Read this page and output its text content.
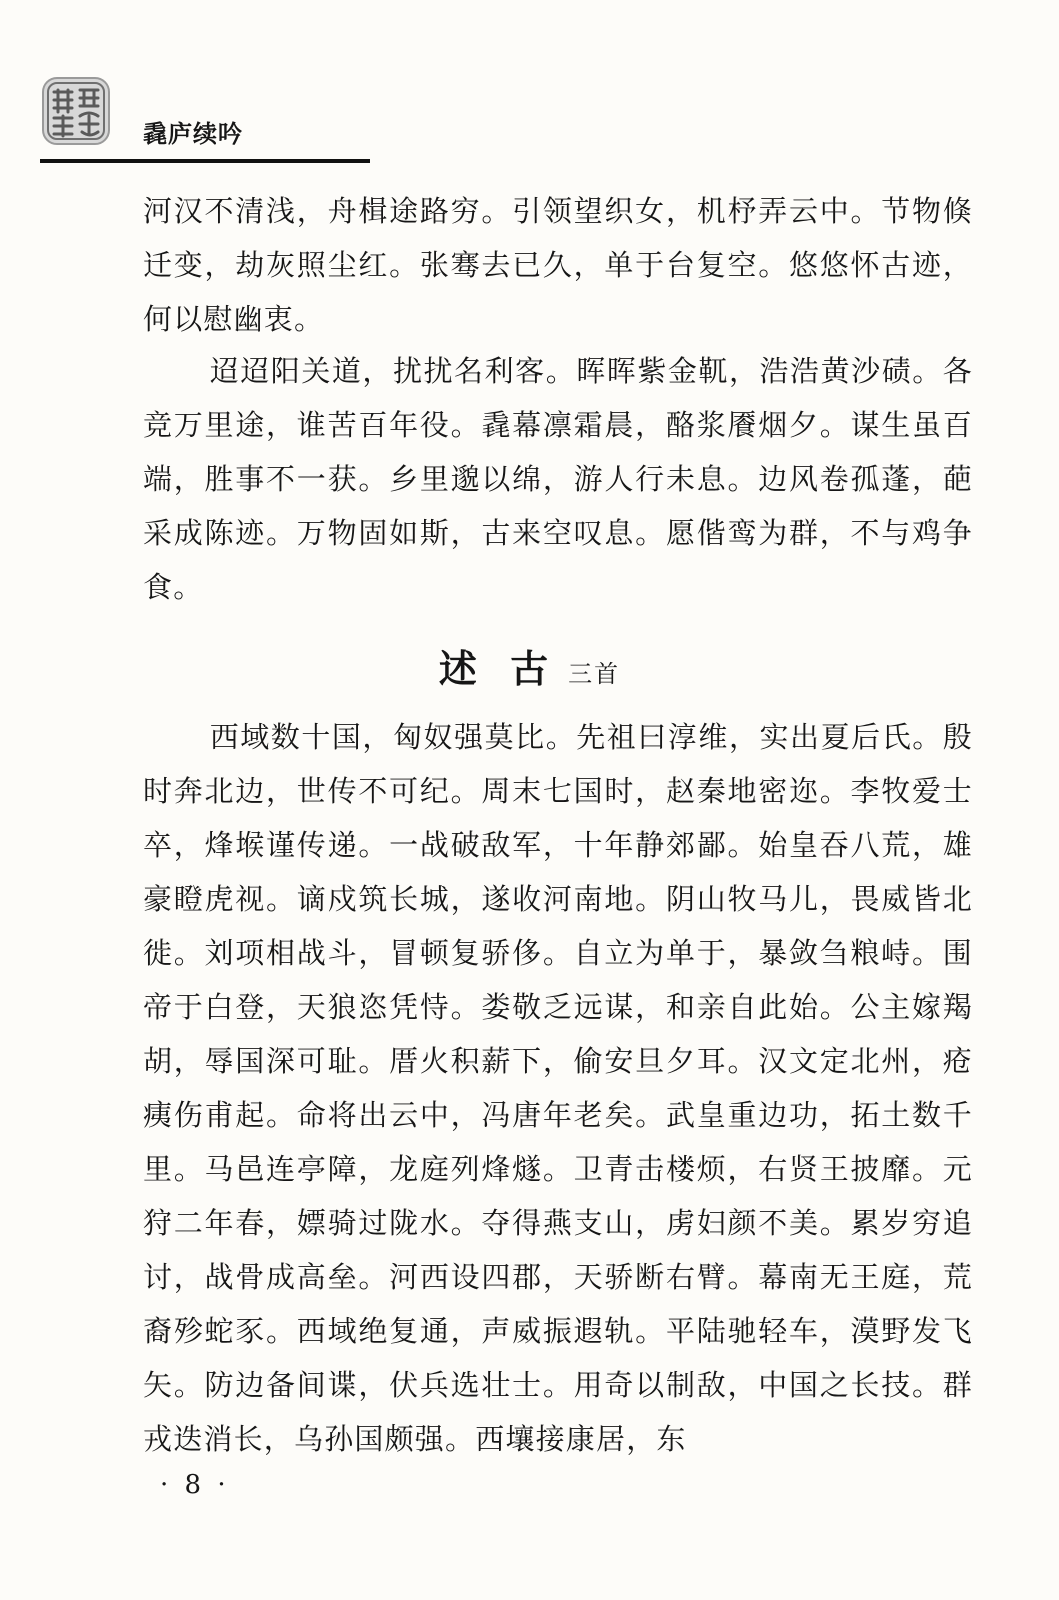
毳庐续吟

河汉不清浅，舟楫途路穷。引领望织女，机杼弄云中。节物倏迁变，劫灰照尘红。张骞去已久，单于台复空。悠悠怀古迹，何以慰幽衷。

迢迢阳关道，扰扰名利客。晖晖紫金靰，浩浩黄沙碛。各竞万里途，谁苦百年役。毳幕凛霜晨，酪浆餍烟夕。谋生虽百端，胜事不一获。乡里邈以绵，游人行未息。边风卷孤蓬，葩采成陈迹。万物固如斯，古来空叹息。愿偕鸾为群，不与鸡争食。

述 古 三首

西域数十国，匈奴强莫比。先祖曰淳维，实出夏后氏。殷时奔北边，世传不可纪。周末七国时，赵秦地密迩。李牧爱士卒，烽堠谨传递。一战破敌军，十年静郊鄙。始皇吞八荒，雄豪瞪虎视。谪戍筑长城，遂收河南地。阴山牧马儿，畏威皆北徙。刘项相战斗，冒顿复骄侈。自立为单于，暴敛刍粮峙。围帝于白登，天狼恣凭恃。娄敬乏远谋，和亲自此始。公主嫁羯胡，辱国深可耻。厝火积薪下，偷安旦夕耳。汉文定北州，疮痍伤甫起。命将出云中，冯唐年老矣。武皇重边功，拓土数千里。马邑连亭障，龙庭列烽燧。卫青击楼烦，右贤王披靡。元狩二年春，嫖骑过陇水。夺得燕支山，虏妇颜不美。累岁穷追讨，战骨成高垒。河西设四郡，天骄断右臂。幕南无王庭，荒裔殄蛇豕。西域绝复通，声威振遐轨。平陆驰轻车，漠野发飞矢。防边备间谍，伏兵选壮士。用奇以制敌，中国之长技。群戎迭消长，乌孙国颇强。西壤接康居，东

· 8 ·
